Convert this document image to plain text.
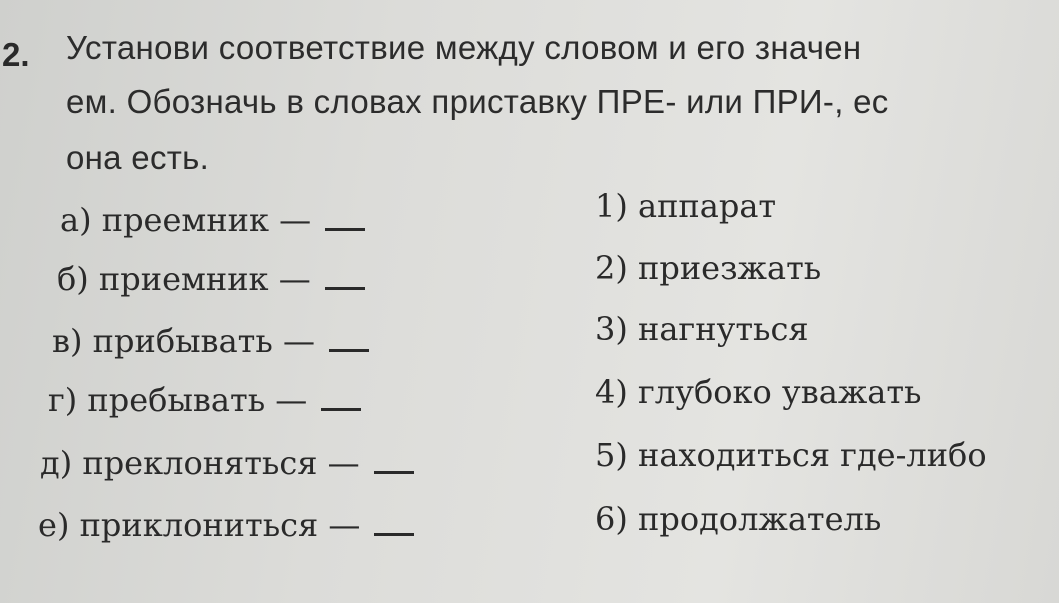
2. Установи соответствие между словом и его значен
ем. Обозначь в словах приставку ПРЕ- или ПРИ-, ес
она есть.
а) преемник —
б) приемник —
в) прибывать —
г) пребывать —
д) преклоняться —
е) приклониться —
1) аппарат
2) приезжать
3) нагнуться
4) глубоко уважать
5) находиться где-либо
6) продолжатель
